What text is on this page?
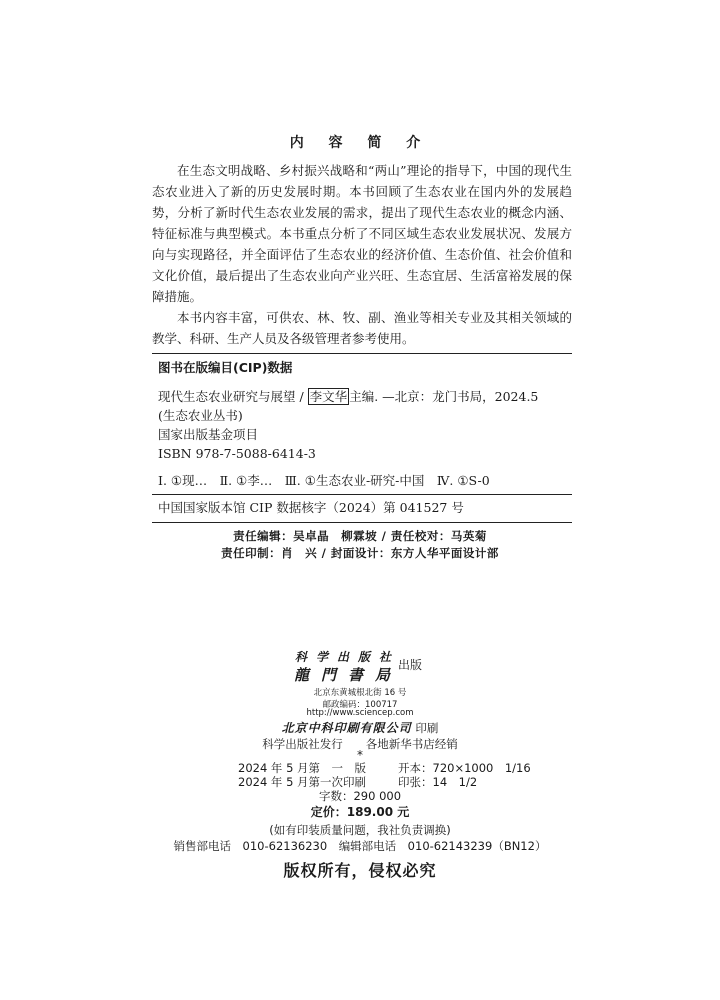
内 容 简 介

在生态文明战略、乡村振兴战略和“两山”理论的指导下，中国的现代生态农业进入了新的历史发展时期。本书回顾了生态农业在国内外的发展趋势，分析了新时代生态农业发展的需求，提出了现代生态农业的概念内涵、特征标准与典型模式。本书重点分析了不同区域生态农业发展状况、发展方向与实现路径，并全面评估了生态农业的经济价值、生态价值、社会价值和文化价值，最后提出了生态农业向产业兴旺、生态宜居、生活富裕发展的保障措施。

本书内容丰富，可供农、林、牧、副、渔业等相关专业及其相关领域的教学、科研、生产人员及各级管理者参考使用。

图书在版编目(CIP)数据
现代生态农业研究与展望 / 李文华 主编. —北京：龙门书局，2024.5
(生态农业丛书)
国家出版基金项目
ISBN 978-7-5088-6414-3
Ⅰ. ①现…　Ⅱ. ①李…　Ⅲ. ①生态农业-研究-中国　Ⅳ. ①S-0
中国国家版本馆 CIP 数据核字（2024）第 041527 号
责任编辑：吴卓晶　柳霖坡 / 责任校对：马英菊
责任印制：肖　兴 / 封面设计：东方人华平面设计部
科学出版社
龍門書局
出版
北京东黄城根北街 16 号
邮政编码：100717
http://www.sciencep.com
北京中科印刷有限公司 印刷
科学出版社发行　　 各地新华书店经销
*
2024 年 5 月第　一　版	开本：720×1000　1/16
2024 年 5 月第一次印刷	印张：14　1/2
字数：290 000
定价：189.00 元
(如有印装质量问题，我社负责调换)
销售部电话　010-62136230　 编辑部电话　010-62143239（BN12）
版权所有，侵权必究
